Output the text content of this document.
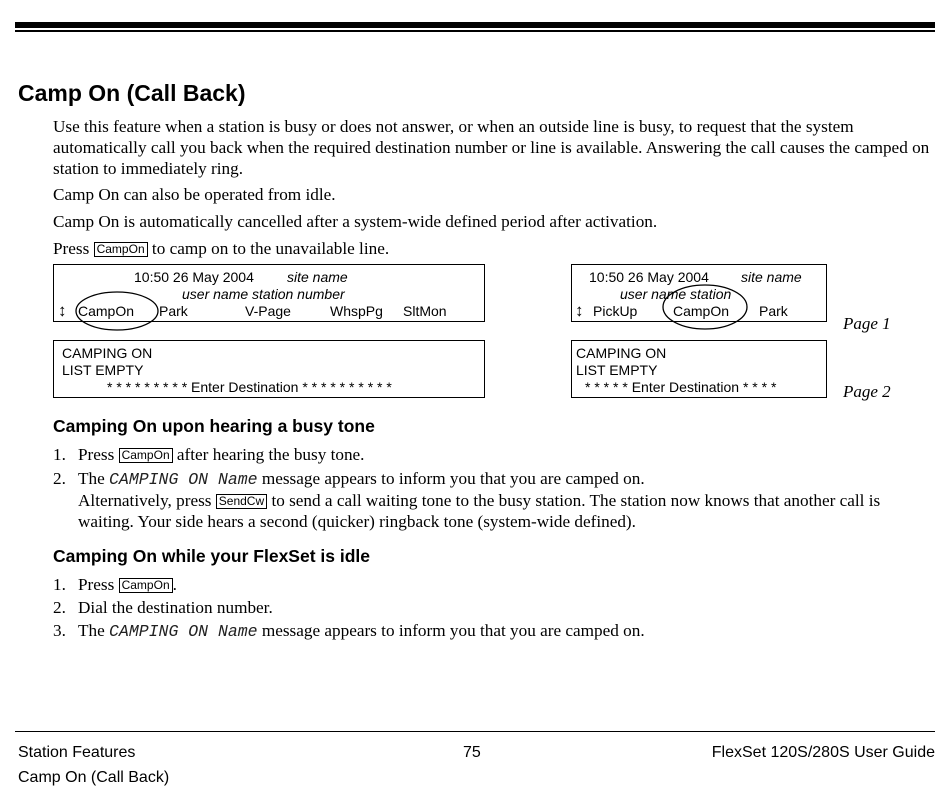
Camp On (Call Back)
Use this feature when a station is busy or does not answer, or when an outside line is busy, to request that the system automatically call you back when the required destination number or line is available. Answering the call causes the camped on station to immediately ring.
Camp On can also be operated from idle.
Camp On is automatically cancelled after a system-wide defined period after activation.
Press CampOn to camp on to the unavailable line.
10:50 26 May 2004 site name
user name station number
↕ CampOn Park	V-Page	WhspPg SltMon
10:50 26 May 2004 site name
user name station
↕ PickUp	CampOn Park
Page 1
CAMPING ON
LIST EMPTY
* * * * * * * * * Enter Destination * * * * * * * * * *
CAMPING ON
LIST EMPTY
* * * * * Enter Destination * * * *	Page 2
Camping On upon hearing a busy tone
1. Press CampOn after hearing the busy tone.
2. The CAMPING ON Name message appears to inform you that you are camped on.
Alternatively, press SendCw to send a call waiting tone to the busy station. The station now knows that another call is waiting. Your side hears a second (quicker) ringback tone (system-wide defined).
Camping On while your FlexSet is idle
1. Press CampOn .
2. Dial the destination number.
3. The CAMPING ON Name message appears to inform you that you are camped on.
Station Features
Camp On (Call Back)
75	FlexSet 120S/280S User Guide
